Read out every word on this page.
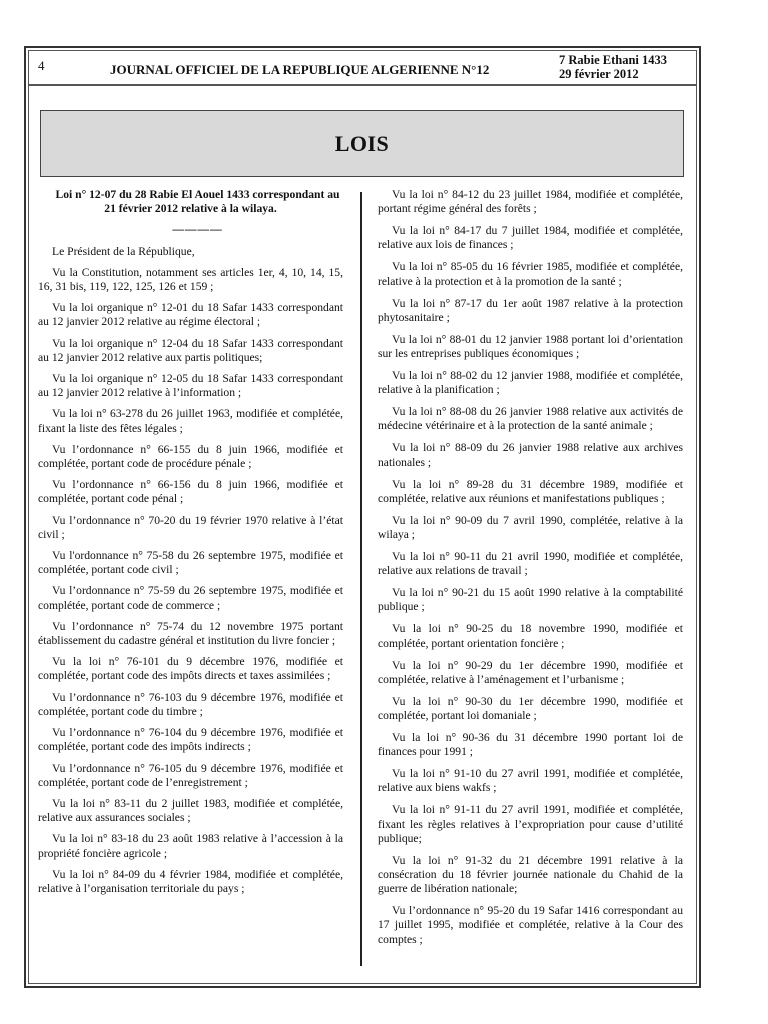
4	JOURNAL OFFICIEL DE LA REPUBLIQUE ALGERIENNE N°12
7 Rabie Ethani 1433
29 février 2012
LOIS

Loi n° 12-07 du 28 Rabie El Aouel 1433 correspondant au 21 février 2012 relative à la wilaya.

————

Le Président de la République,

Vu la Constitution, notamment ses articles 1er, 4, 10, 14, 15, 16, 31 bis, 119, 122, 125, 126 et 159 ;

Vu la loi organique n° 12-01 du 18 Safar 1433 correspondant au 12 janvier 2012 relative au régime électoral ;

Vu la loi organique n° 12-04 du 18 Safar 1433 correspondant au 12 janvier 2012 relative aux partis politiques;

Vu la loi organique n° 12-05 du 18 Safar 1433 correspondant au 12 janvier 2012 relative à l’information ;

Vu la loi n° 63-278 du 26 juillet 1963, modifiée et complétée, fixant la liste des fêtes légales ;

Vu l’ordonnance n° 66-155 du 8 juin 1966, modifiée et complétée, portant code de procédure pénale ;

Vu l’ordonnance n° 66-156 du 8 juin 1966, modifiée et complétée, portant code pénal ;

Vu l’ordonnance n° 70-20 du 19 février 1970 relative à l’état civil ;

Vu l'ordonnance n° 75-58 du 26 septembre 1975, modifiée et complétée, portant code civil ;

Vu l’ordonnance n° 75-59 du 26 septembre 1975, modifiée et complétée, portant code de commerce ;

Vu l’ordonnance n° 75-74 du 12 novembre 1975 portant établissement du cadastre général et institution du livre foncier ;

Vu la loi n° 76-101 du 9 décembre 1976, modifiée et complétée, portant code des impôts directs et taxes assimilées ;

Vu l’ordonnance n° 76-103 du 9 décembre 1976, modifiée et complétée, portant code du timbre ;

Vu l’ordonnance n° 76-104 du 9 décembre 1976, modifiée et complétée, portant code des impôts indirects ;

Vu l’ordonnance n° 76-105 du 9 décembre 1976, modifiée et complétée, portant code de l’enregistrement ;

Vu la loi n° 83-11 du 2 juillet 1983, modifiée et complétée, relative aux assurances sociales ;

Vu la loi n° 83-18 du 23 août 1983 relative à l’accession à la propriété foncière agricole ;

Vu la loi n° 84-09 du 4 février 1984, modifiée et complétée, relative à l’organisation territoriale du pays ;

Vu la loi n° 84-12 du 23 juillet 1984, modifiée et complétée, portant régime général des forêts ;

Vu la loi n° 84-17 du 7 juillet 1984, modifiée et complétée, relative aux lois de finances ;

Vu la loi n° 85-05 du 16 février 1985, modifiée et complétée, relative à la protection et à la promotion de la santé ;

Vu la loi n° 87-17 du 1er août 1987 relative à la protection phytosanitaire ;

Vu la loi n° 88-01 du 12 janvier 1988 portant loi d’orientation sur les entreprises publiques économiques ;

Vu la loi n° 88-02 du 12 janvier 1988, modifiée et complétée, relative à la planification ;

Vu la loi n° 88-08 du 26 janvier 1988 relative aux activités de médecine vétérinaire et à la protection de la santé animale ;

Vu la loi n° 88-09 du 26 janvier 1988 relative aux archives nationales ;

Vu la loi n° 89-28 du 31 décembre 1989, modifiée et complétée, relative aux réunions et manifestations publiques ;

Vu la loi n° 90-09 du 7 avril 1990, complétée, relative à la wilaya ;

Vu la loi n° 90-11 du 21 avril 1990, modifiée et complétée, relative aux relations de travail ;

Vu la loi n° 90-21 du 15 août 1990 relative à la comptabilité publique ;

Vu la loi n° 90-25 du 18 novembre 1990, modifiée et complétée, portant orientation foncière ;

Vu la loi n° 90-29 du 1er décembre 1990, modifiée et complétée, relative à l’aménagement et l’urbanisme ;

Vu la loi n° 90-30 du 1er décembre 1990, modifiée et complétée, portant loi domaniale ;

Vu la loi n° 90-36 du 31 décembre 1990 portant loi de finances pour 1991 ;

Vu la loi n° 91-10 du 27 avril 1991, modifiée et complétée, relative aux biens wakfs ;

Vu la loi n° 91-11 du 27 avril 1991, modifiée et complétée, fixant les règles relatives à l’expropriation pour cause d’utilité publique;

Vu la loi n° 91-32 du 21 décembre 1991 relative à la consécration du 18 février journée nationale du Chahid de la guerre de libération nationale;

Vu l’ordonnance n° 95-20 du 19 Safar 1416 correspondant au 17 juillet 1995, modifiée et complétée, relative à la Cour des comptes ;
